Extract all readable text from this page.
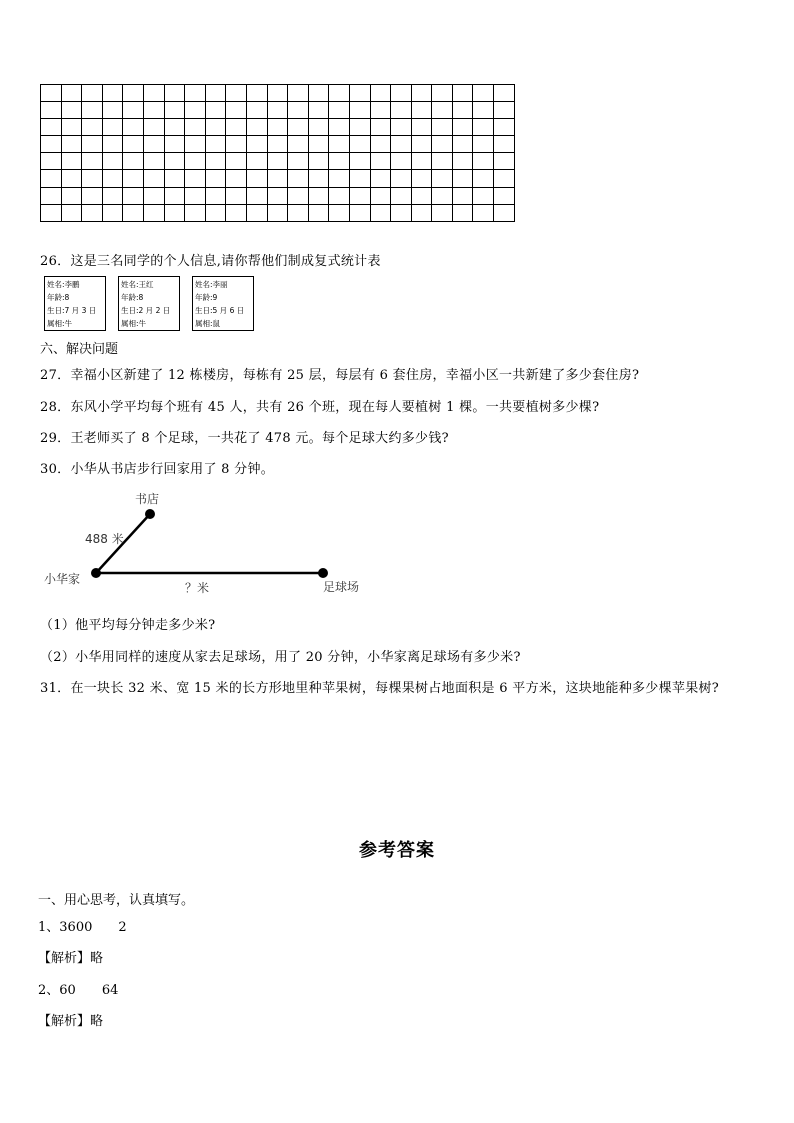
26．这是三名同学的个人信息,请你帮他们制成复式统计表
姓名:李鹏
年龄:8
生日:7 月 3 日
属相:牛
姓名:王红
年龄:8
生日:2 月 2 日
属相:牛
姓名:李丽
年龄:9
生日:5 月 6 日
属相:鼠
六、解决问题
27．幸福小区新建了 12 栋楼房，每栋有 25 层，每层有 6 套住房，幸福小区一共新建了多少套住房?
28．东风小学平均每个班有 45 人，共有 26 个班，现在每人要植树 1 棵。一共要植树多少棵?
29．王老师买了 8 个足球，一共花了 478 元。每个足球大约多少钱?
30．小华从书店步行回家用了 8 分钟。
书店
小华家
足球场
488 米
？米
（1）他平均每分钟走多少米?
（2）小华用同样的速度从家去足球场，用了 20 分钟，小华家离足球场有多少米?
31．在一块长 32 米、宽 15 米的长方形地里种苹果树，每棵果树占地面积是 6 平方米，这块地能种多少棵苹果树?
参考答案
一、用心思考，认真填写。
1、3600　　2
【解析】略
2、60　　64
【解析】略
